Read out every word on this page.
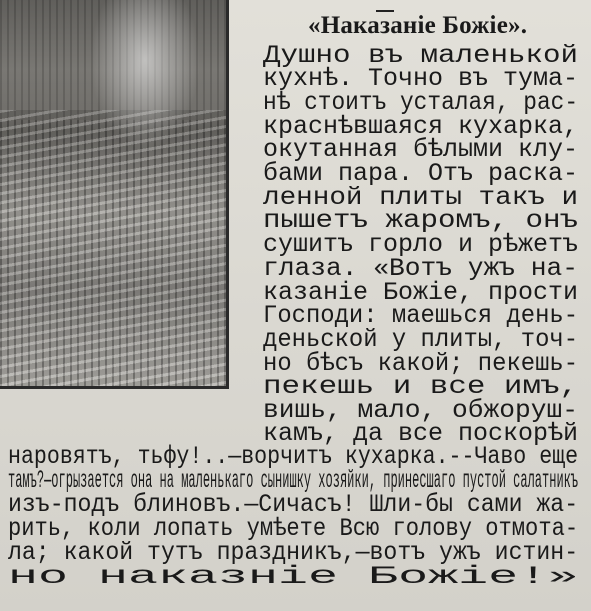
«Наказаніе Божіе».
Душно въ маленькой
кухнѣ. Точно въ тума-
нѣ стоитъ усталая, рас-
краснѣвшаяся кухарка,
окутанная бѣлыми клу-
бами пара. Отъ раска-
ленной плиты такъ и
пышетъ жаромъ, онъ
сушитъ горло и рѣжетъ
глаза. «Вотъ ужъ на-
казаніе Божіе, прости
Господи: маешься день-
деньской у плиты, точ-
но бѣсъ какой; пекешь-
пекешь и все имъ,
вишь, мало, обжоруш-
камъ, да все поскорѣй
наровятъ, тьфу!..—ворчитъ кухарка.--Чаво еще
тамъ?—огрызается она на маленькаго сынишку хозяйки, принесшаго пустой салатникъ
изъ-подъ блиновъ.—Сичасъ! Шли-бы сами жа-
рить, коли лопать умѣете Всю голову отмота-
ла; какой тутъ праздникъ,—вотъ ужъ истин-
но наказніе Божіе!»
